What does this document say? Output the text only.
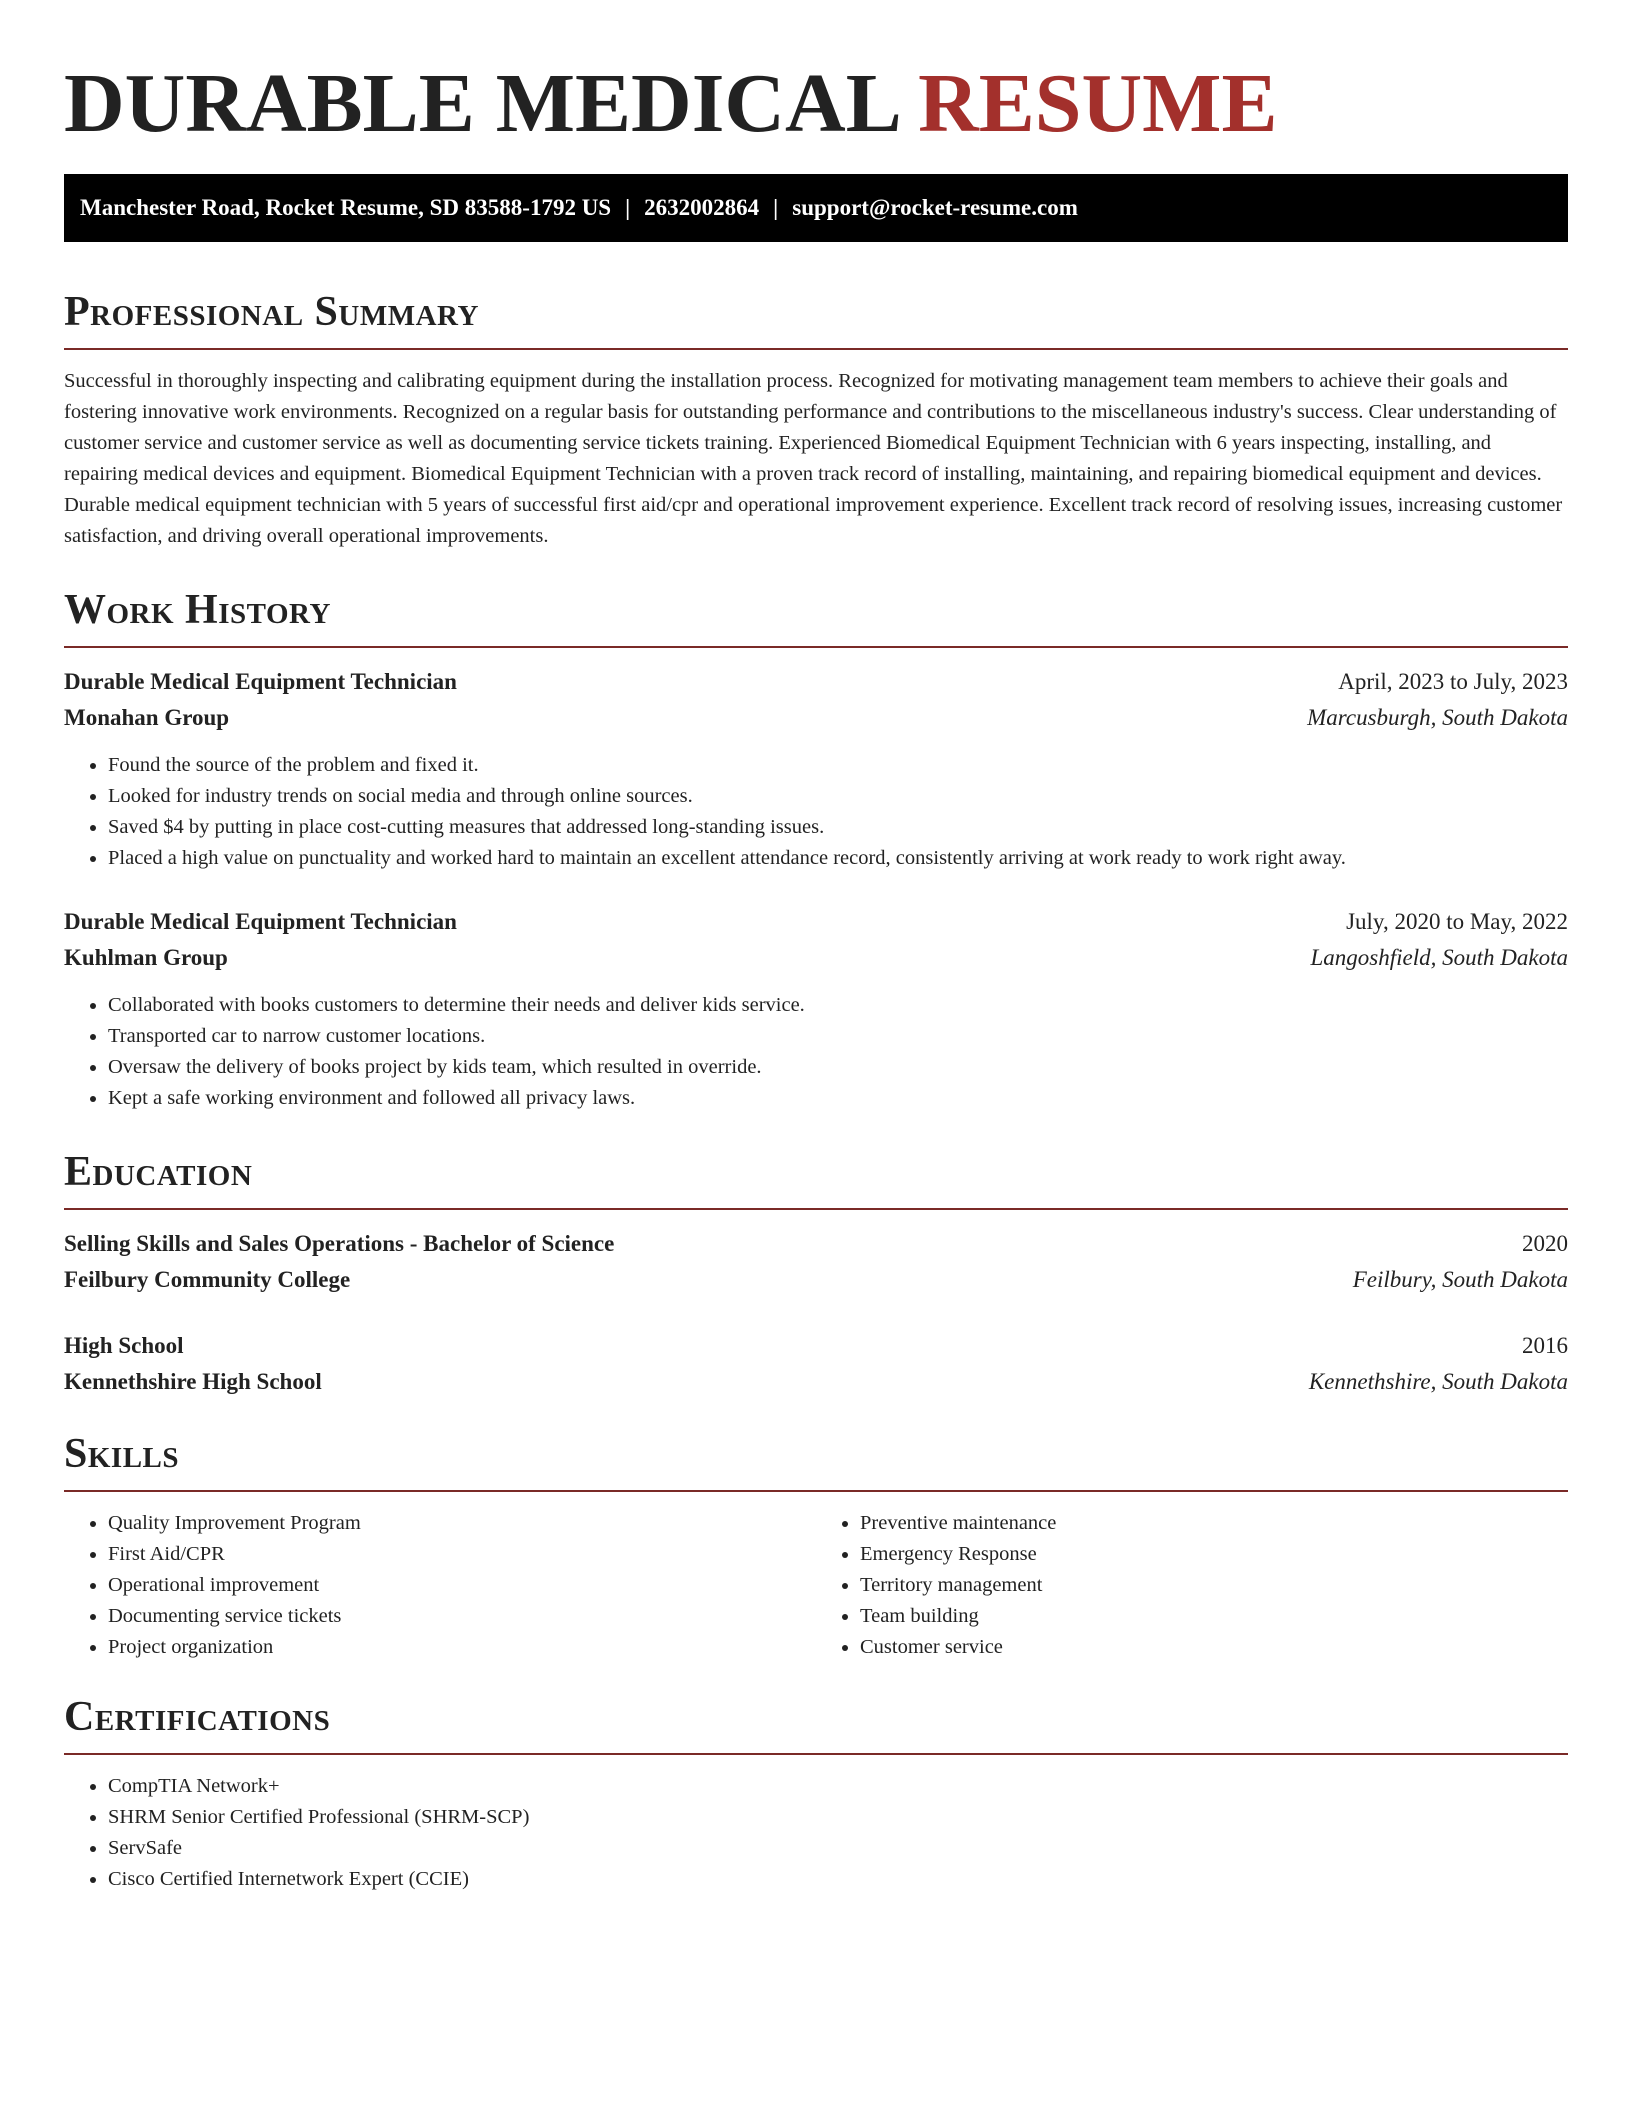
DURABLE MEDICAL RESUME
Manchester Road, Rocket Resume, SD 83588-1792 US | 2632002864 | support@rocket-resume.com
Professional Summary

Successful in thoroughly inspecting and calibrating equipment during the installation process. Recognized for motivating management team members to achieve their goals and fostering innovative work environments. Recognized on a regular basis for outstanding performance and contributions to the miscellaneous industry's success. Clear understanding of customer service and customer service as well as documenting service tickets training. Experienced Biomedical Equipment Technician with 6 years inspecting, installing, and repairing medical devices and equipment. Biomedical Equipment Technician with a proven track record of installing, maintaining, and repairing biomedical equipment and devices. Durable medical equipment technician with 5 years of successful first aid/cpr and operational improvement experience. Excellent track record of resolving issues, increasing customer satisfaction, and driving overall operational improvements.

Work History
Durable Medical Equipment Technician	April, 2023 to July, 2023
Monahan Group	Marcusburgh, South Dakota
• Found the source of the problem and fixed it.
• Looked for industry trends on social media and through online sources.
• Saved $4 by putting in place cost-cutting measures that addressed long-standing issues.
• Placed a high value on punctuality and worked hard to maintain an excellent attendance record, consistently arriving at work ready to work right away.
Durable Medical Equipment Technician	July, 2020 to May, 2022
Kuhlman Group	Langoshfield, South Dakota
• Collaborated with books customers to determine their needs and deliver kids service.
• Transported car to narrow customer locations.
• Oversaw the delivery of books project by kids team, which resulted in override.
• Kept a safe working environment and followed all privacy laws.
Education
Selling Skills and Sales Operations - Bachelor of Science	2020
Feilbury Community College	Feilbury, South Dakota
High School	2016
Kennethshire High School	Kennethshire, South Dakota
Skills
• Quality Improvement Program
• First Aid/CPR
• Operational improvement
• Documenting service tickets
• Project organization
• Preventive maintenance
• Emergency Response
• Territory management
• Team building
• Customer service
Certifications
• CompTIA Network+
• SHRM Senior Certified Professional (SHRM-SCP)
• ServSafe
• Cisco Certified Internetwork Expert (CCIE)
